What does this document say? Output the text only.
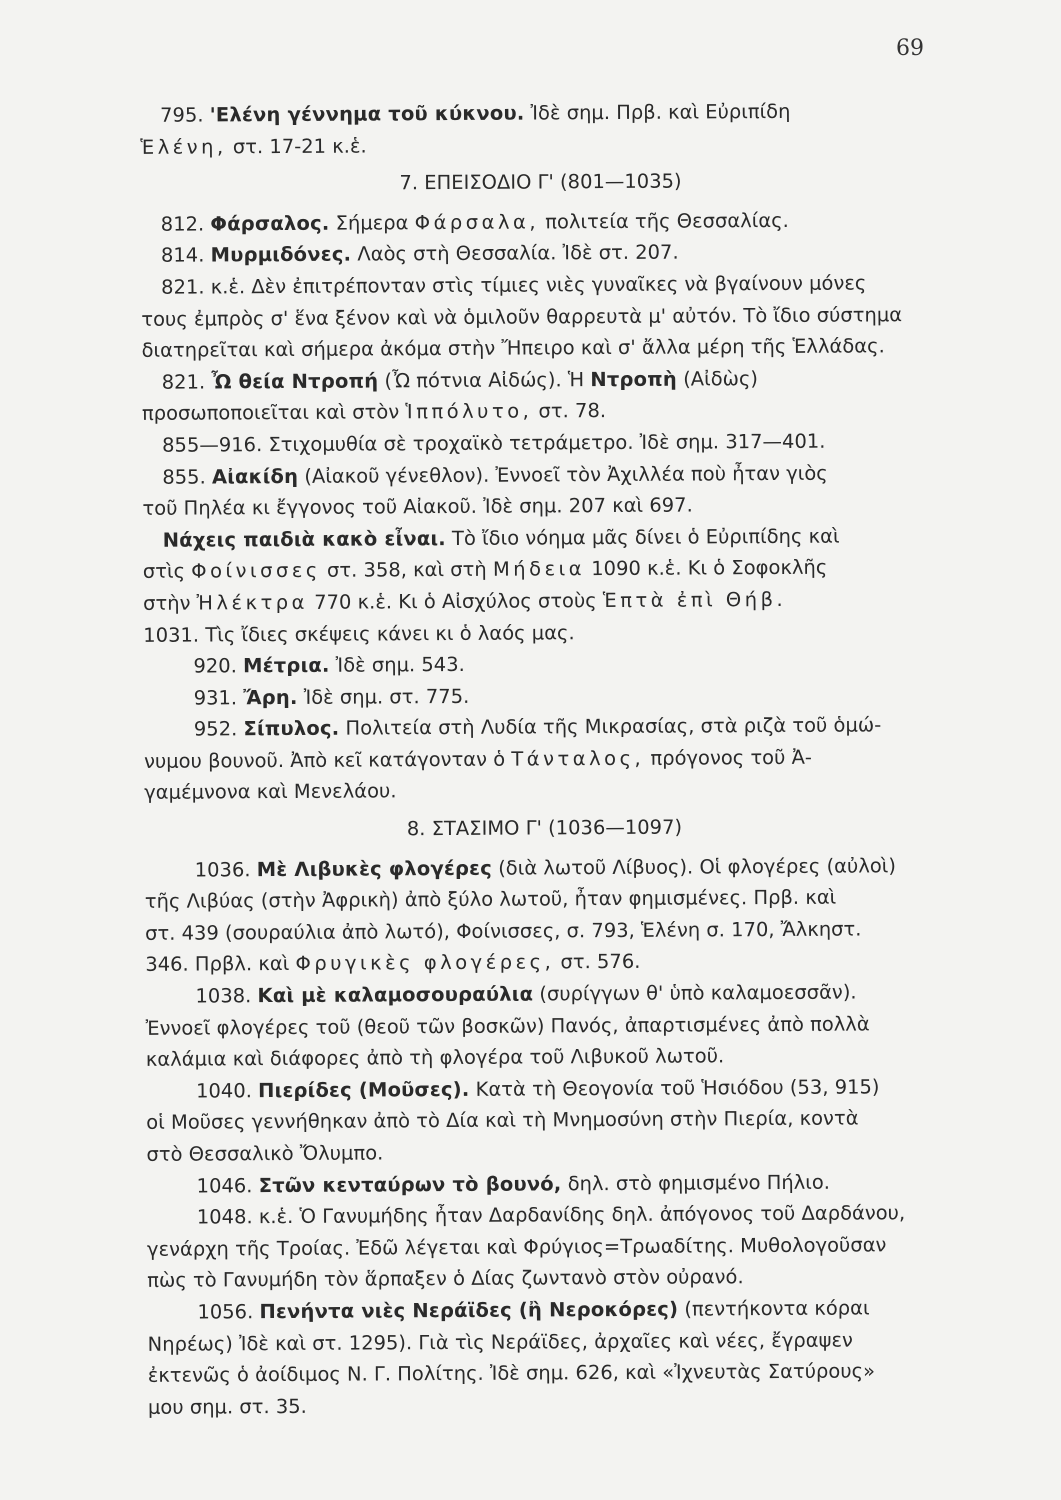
69
795. 'Ελένη γέννημα τοῦ κύκνου. Ἰδὲ σημ. Πρβ. καὶ Εὐριπίδη
Ἑλένη, στ. 17-21 κ.ἑ.
7. ΕΠΕΙΣΟΔΙΟ Γ' (801—1035)
812. Φάρσαλος. Σήμερα Φάρσαλα, πολιτεία τῆς Θεσσαλίας.
814. Μυρμιδόνες. Λαὸς στὴ Θεσσαλία. Ἰδὲ στ. 207.
821. κ.ἑ. Δὲν ἐπιτρέπονταν στὶς τίμιες νιὲς γυναῖκες νὰ βγαίνουν μόνες
τους ἐμπρὸς σ' ἕνα ξένον καὶ νὰ ὁμιλοῦν θαρρευτὰ μ' αὐτόν. Τὸ ἴδιο σύστημα
διατηρεῖται καὶ σήμερα ἀκόμα στὴν Ἤπειρο καὶ σ' ἄλλα μέρη τῆς Ἑλλάδας.
821. Ὦ θεία Ντροπή (Ὦ πότνια Αἰδώς). Ἡ Ντροπὴ (Αἰδὼς)
προσωποποιεῖται καὶ στὸν Ἱππόλυτο, στ. 78.
855—916. Στιχομυθία σὲ τροχαϊκὸ τετράμετρο. Ἰδὲ σημ. 317—401.
855. Αἰακίδη (Αἰακοῦ γένεθλον). Ἐννοεῖ τὸν Ἀχιλλέα ποὺ ἦταν γιὸς
τοῦ Πηλέα κι ἔγγονος τοῦ Αἰακοῦ. Ἰδὲ σημ. 207 καὶ 697.
Νάχεις παιδιὰ κακὸ εἶναι. Τὸ ἴδιο νόημα μᾶς δίνει ὁ Εὐριπίδης καὶ
στὶς Φοίνισσες στ. 358, καὶ στὴ Μήδεια 1090 κ.ἑ. Κι ὁ Σοφοκλῆς
στὴν Ἠλέκτρα 770 κ.ἑ. Κι ὁ Αἰσχύλος στοὺς Ἑπτὰ ἐπὶ Θήβ.
1031. Τὶς ἴδιες σκέψεις κάνει κι ὁ λαός μας.
920. Μέτρια. Ἰδὲ σημ. 543.
931. Ἄρη. Ἰδὲ σημ. στ. 775.
952. Σίπυλος. Πολιτεία στὴ Λυδία τῆς Μικρασίας, στὰ ριζὰ τοῦ ὁμώ-
νυμου βουνοῦ. Ἀπὸ κεῖ κατάγονταν ὁ Τάνταλος, πρόγονος τοῦ Ἀ-
γαμέμνονα καὶ Μενελάου.
8. ΣΤΑΣΙΜΟ Γ' (1036—1097)
1036. Μὲ Λιβυκὲς φλογέρες (διὰ λωτοῦ Λίβυος). Οἱ φλογέρες (αὐλοὶ)
τῆς Λιβύας (στὴν Ἀφρικὴ) ἀπὸ ξύλο λωτοῦ, ἦταν φημισμένες. Πρβ. καὶ
στ. 439 (σουραύλια ἀπὸ λωτό), Φοίνισσες, σ. 793, Ἑλένη σ. 170, Ἄλκηστ.
346. Πρβλ. καὶ Φρυγικὲς φλογέρες, στ. 576.
1038. Καὶ μὲ καλαμοσουραύλια (συρίγγων θ' ὑπὸ καλαμοεσσᾶν).
Ἐννοεῖ φλογέρες τοῦ (θεοῦ τῶν βοσκῶν) Πανός, ἀπαρτισμένες ἀπὸ πολλὰ
καλάμια καὶ διάφορες ἀπὸ τὴ φλογέρα τοῦ Λιβυκοῦ λωτοῦ.
1040. Πιερίδες (Μοῦσες). Κατὰ τὴ Θεογονία τοῦ Ἡσιόδου (53, 915)
οἱ Μοῦσες γεννήθηκαν ἀπὸ τὸ Δία καὶ τὴ Μνημοσύνη στὴν Πιερία, κοντὰ
στὸ Θεσσαλικὸ Ὄλυμπο.
1046. Στῶν κενταύρων τὸ βουνό, δηλ. στὸ φημισμένο Πήλιο.
1048. κ.ἑ. Ὁ Γανυμήδης ἦταν Δαρδανίδης δηλ. ἀπόγονος τοῦ Δαρδάνου,
γενάρχη τῆς Τροίας. Ἐδῶ λέγεται καὶ Φρύγιος=Τρωαδίτης. Μυθολογοῦσαν
πὼς τὸ Γανυμήδη τὸν ἅρπαξεν ὁ Δίας ζωντανὸ στὸν οὐρανό.
1056. Πενήντα νιὲς Νεράϊδες (ἢ Νεροκόρες) (πεντήκοντα κόραι
Νηρέως) Ἰδὲ καὶ στ. 1295). Γιὰ τὶς Νεράϊδες, ἀρχαῖες καὶ νέες, ἔγραψεν
ἐκτενῶς ὁ ἀοίδιμος Ν. Γ. Πολίτης. Ἰδὲ σημ. 626, καὶ «Ἰχνευτὰς Σατύρους»
μου σημ. στ. 35.
